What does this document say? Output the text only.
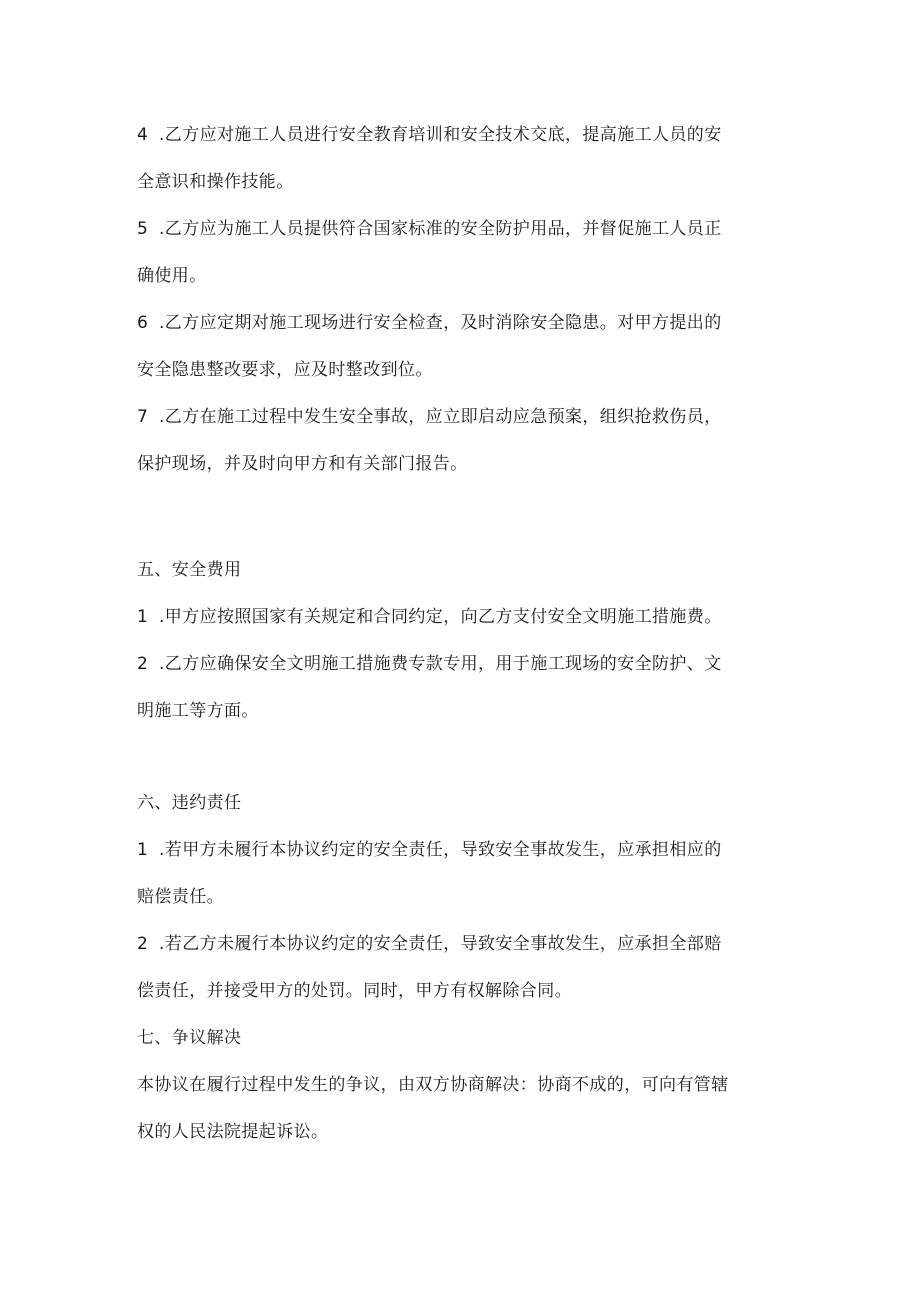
4 .乙方应对施工人员进行安全教育培训和安全技术交底，提高施工人员的安
全意识和操作技能。
5 .乙方应为施工人员提供符合国家标准的安全防护用品，并督促施工人员正
确使用。
6 .乙方应定期对施工现场进行安全检查，及时消除安全隐患。对甲方提出的
安全隐患整改要求，应及时整改到位。
7 .乙方在施工过程中发生安全事故，应立即启动应急预案，组织抢救伤员，
保护现场，并及时向甲方和有关部门报告。
五、安全费用
1 .甲方应按照国家有关规定和合同约定，向乙方支付安全文明施工措施费。
2 .乙方应确保安全文明施工措施费专款专用，用于施工现场的安全防护、文
明施工等方面。
六、违约责任
1 .若甲方未履行本协议约定的安全责任，导致安全事故发生，应承担相应的
赔偿责任。
2 .若乙方未履行本协议约定的安全责任，导致安全事故发生，应承担全部赔
偿责任，并接受甲方的处罚。同时，甲方有权解除合同。
七、争议解决
本协议在履行过程中发生的争议，由双方协商解决：协商不成的，可向有管辖
权的人民法院提起诉讼。
